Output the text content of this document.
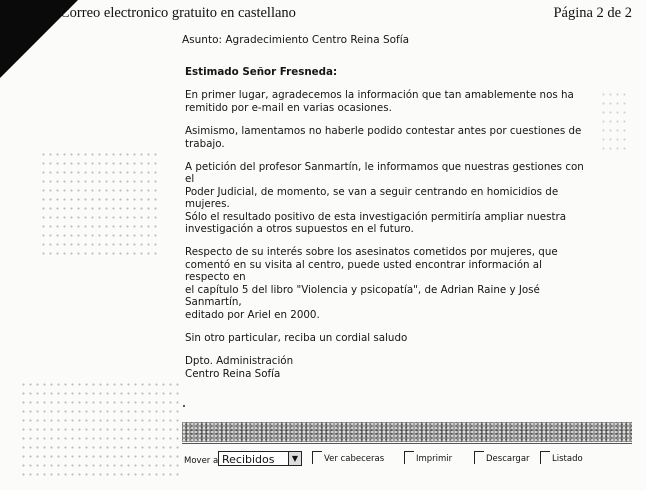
Correo electronico gratuito en castellano	Página 2 de 2
Asunto: Agradecimiento Centro Reina Sofía

Estimado Señor Fresneda:

En primer lugar, agradecemos la información que tan amablemente nos ha
remitido por e-mail en varias ocasiones.

Asimismo, lamentamos no haberle podido contestar antes por cuestiones de
trabajo.

A petición del profesor Sanmartín, le informamos que nuestras gestiones con
el
Poder Judicial, de momento, se van a seguir centrando en homicidios de
mujeres.
Sólo el resultado positivo de esta investigación permitiría ampliar nuestra
investigación a otros supuestos en el futuro.

Respecto de su interés sobre los asesinatos cometidos por mujeres, que
comentó en su visita al centro, puede usted encontrar información al
respecto en
el capítulo 5 del libro "Violencia y psicopatía", de Adrian Raine y José
Sanmartín,
editado por Ariel en 2000.

Sin otro particular, reciba un cordial saludo

Dpto. Administración
Centro Reina Sofía

Mover a Recibidos	▼	Ver cabeceras	Imprimir	Descargar	Listado
